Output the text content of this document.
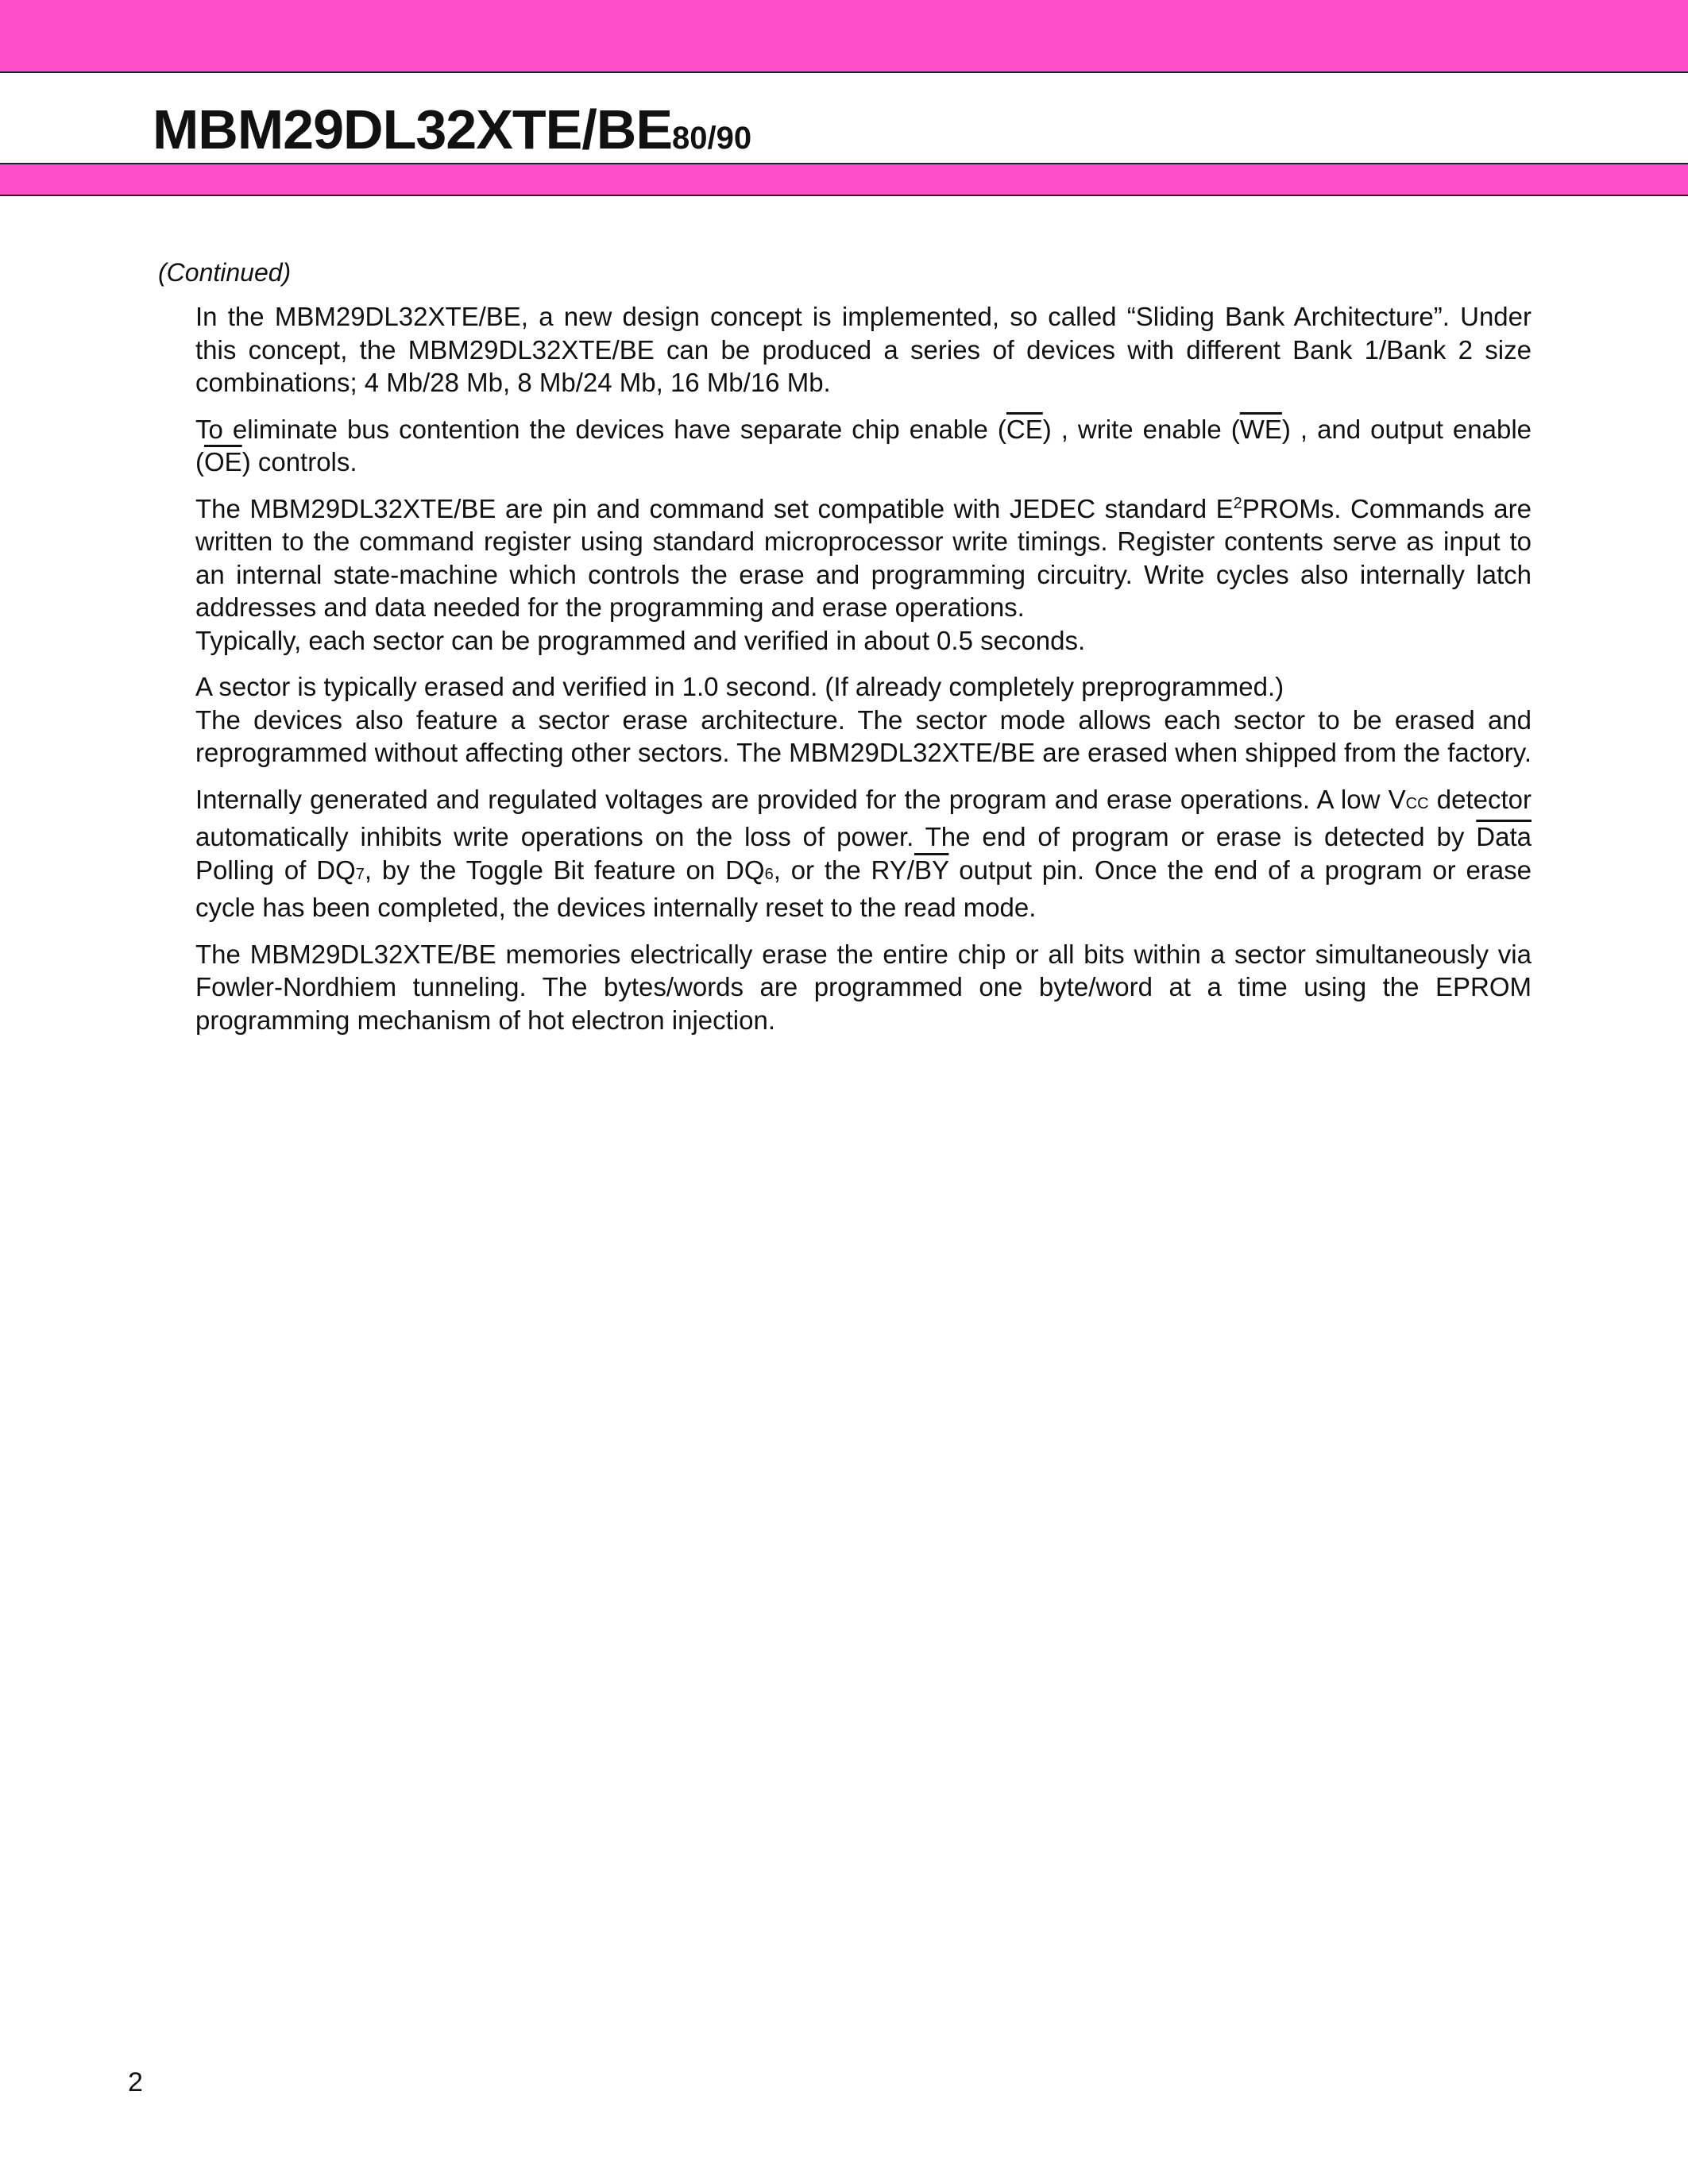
MBM29DL32XTE/BE80/90
(Continued)

In the MBM29DL32XTE/BE, a new design concept is implemented, so called “Sliding Bank Architecture”. Under this concept, the MBM29DL32XTE/BE can be produced a series of devices with different Bank 1/Bank 2 size combinations; 4 Mb/28 Mb, 8 Mb/24 Mb, 16 Mb/16 Mb.

To eliminate bus contention the devices have separate chip enable $(\overline{CE})$ , write enable $(\overline{WE})$ , and output enable $(\overline{OE})$ controls.

The MBM29DL32XTE/BE are pin and command set compatible with JEDEC standard $E^2PROMs$. Commands are written to the command register using standard microprocessor write timings. Register contents serve as input to an internal state-machine which controls the erase and programming circuitry. Write cycles also internally latch addresses and data needed for the programming and erase operations.

Typically, each sector can be programmed and verified in about 0.5 seconds.

A sector is typically erased and verified in 1.0 second. (If already completely preprogrammed.)

The devices also feature a sector erase architecture. The sector mode allows each sector to be erased and reprogrammed without affecting other sectors. The MBM29DL32XTE/BE are erased when shipped from the factory.

Internally generated and regulated voltages are provided for the program and erase operations. A low VCC detector automatically inhibits write operations on the loss of power. The end of program or erase is detected by Data Polling of DQ7, by the Toggle Bit feature on DQ6, or the $RY/\overline{BY}$ output pin. Once the end of a program or erase cycle has been completed, the devices internally reset to the read mode.

The MBM29DL32XTE/BE memories electrically erase the entire chip or all bits within a sector simultaneously via Fowler-Nordhiem tunneling. The bytes/words are programmed one byte/word at a time using the EPROM programming mechanism of hot electron injection.

2
